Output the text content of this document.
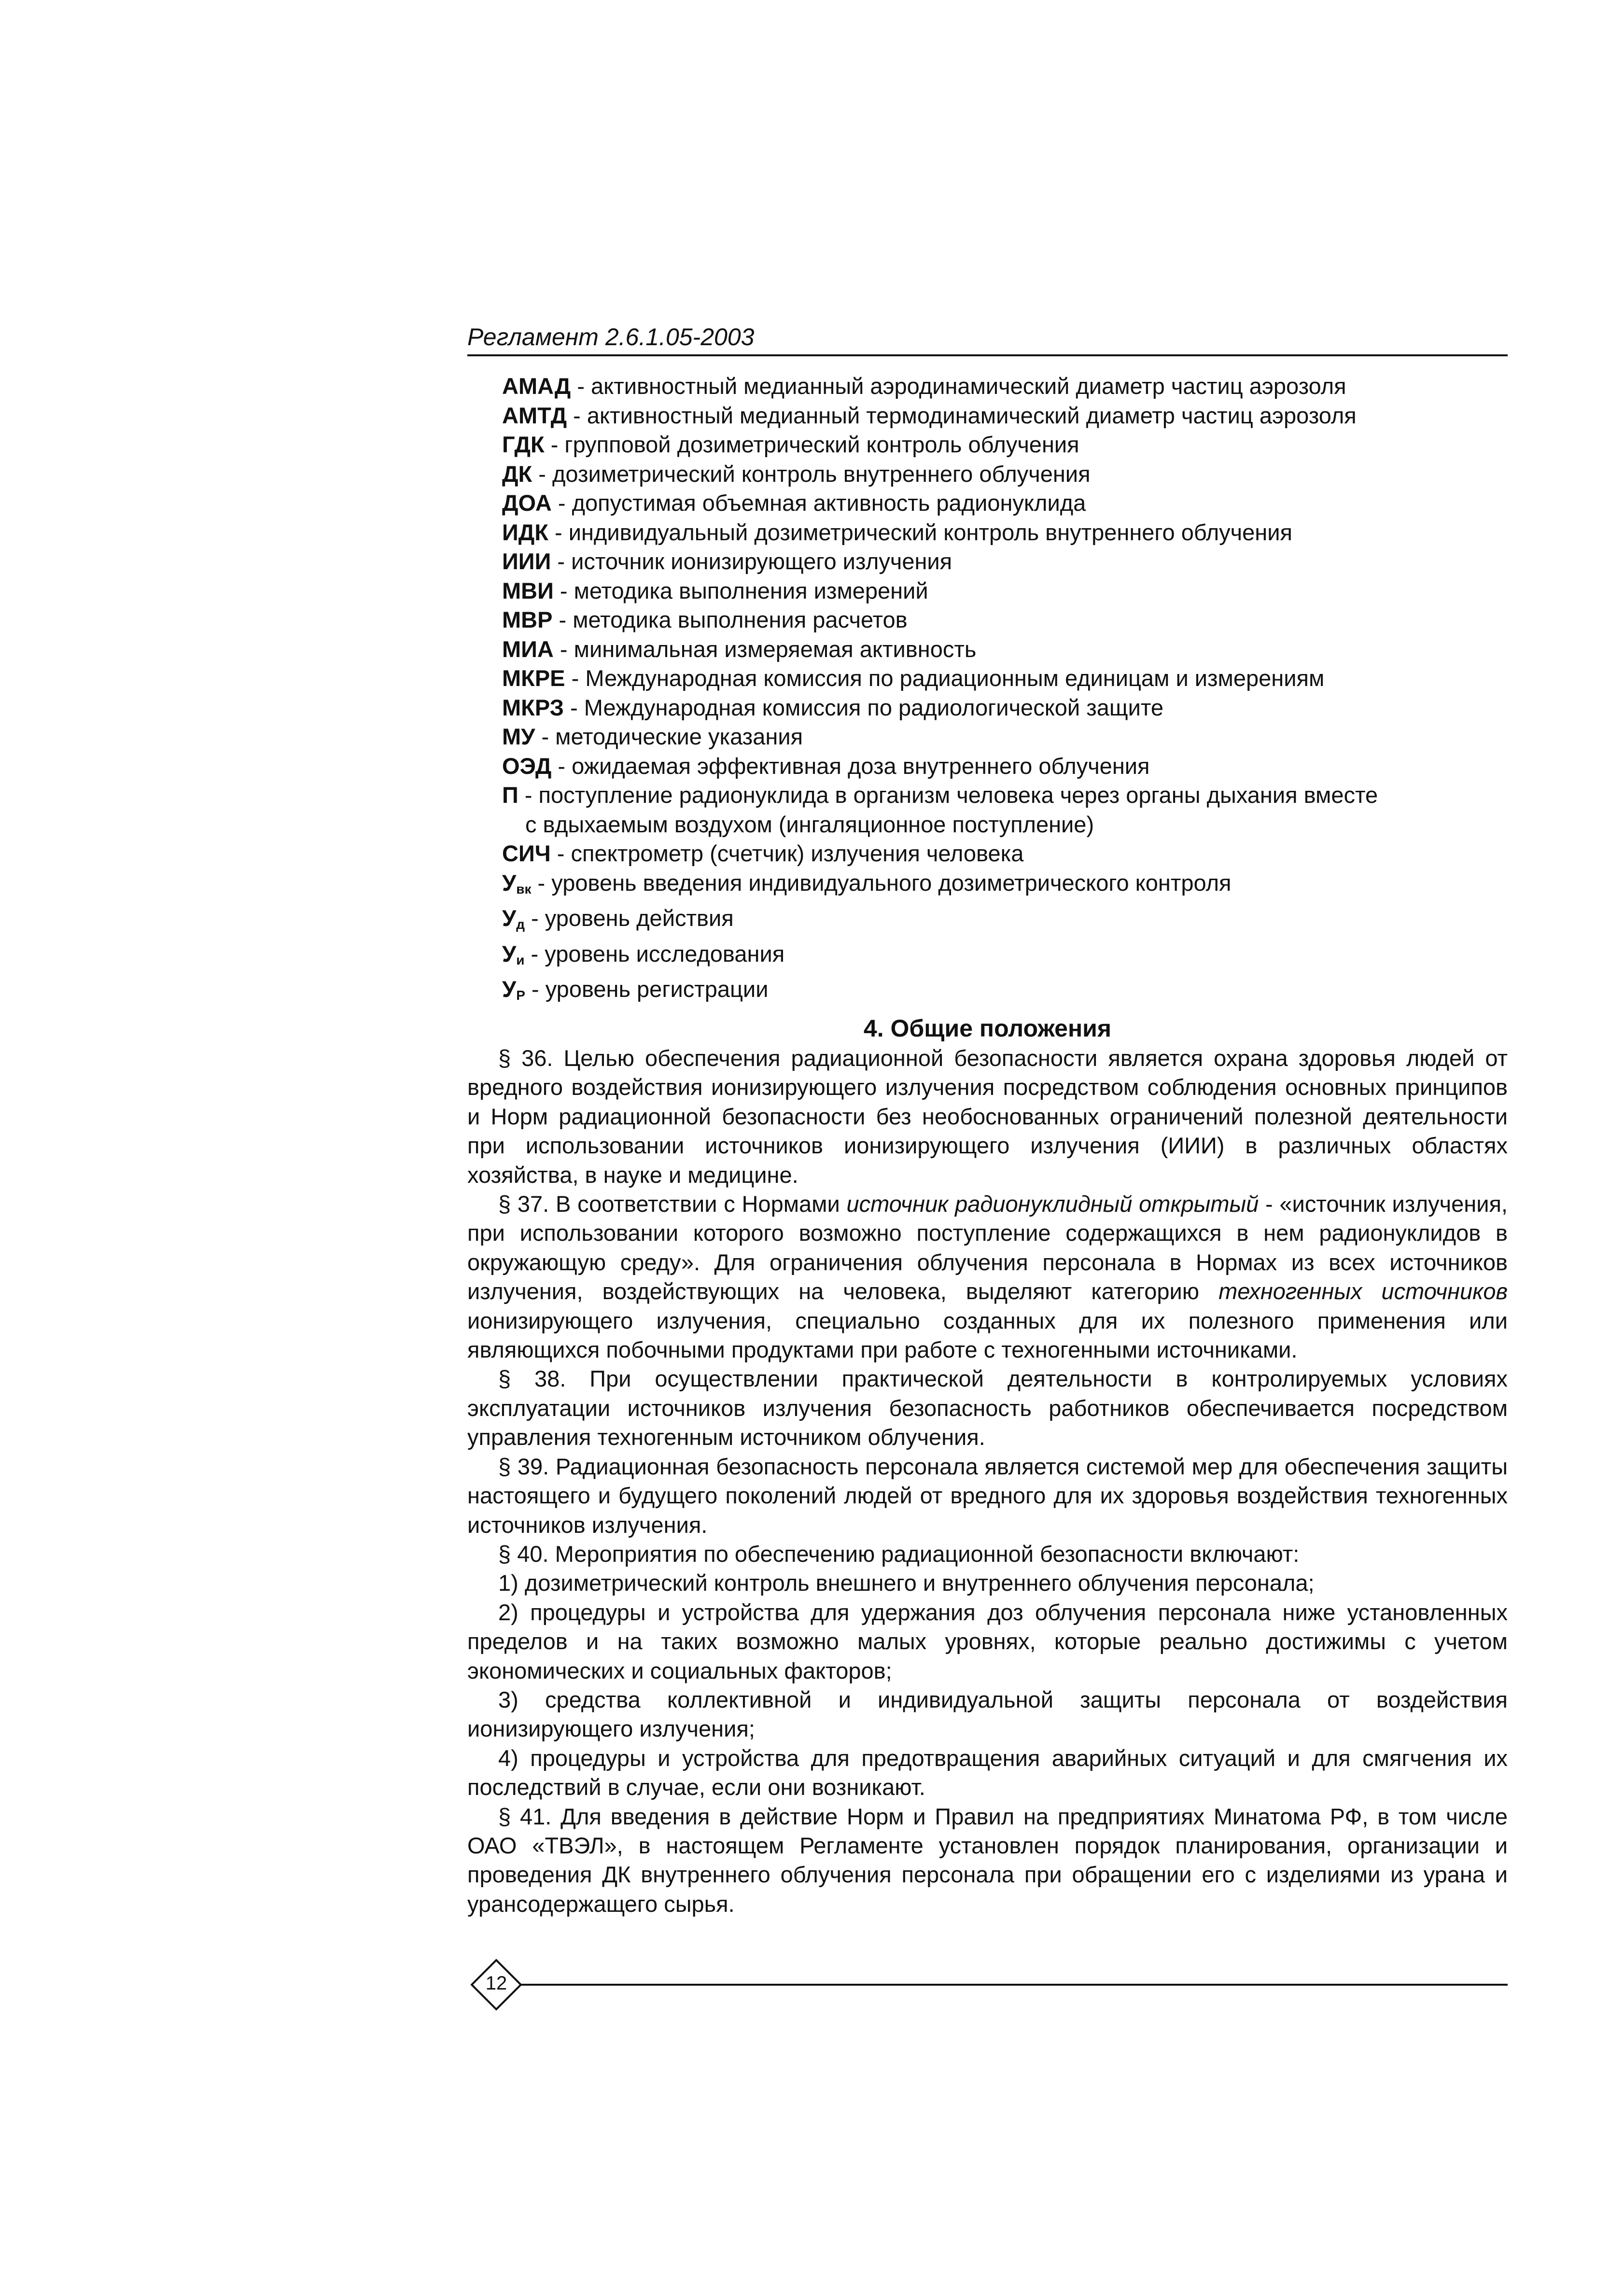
Регламент 2.6.1.05-2003
АМАД - активностный медианный аэродинамический диаметр частиц аэрозоля
АМТД - активностный медианный термодинамический диаметр частиц аэрозоля
ГДК - групповой дозиметрический контроль облучения
ДК - дозиметрический контроль внутреннего облучения
ДОА - допустимая объемная активность радионуклида
ИДК - индивидуальный дозиметрический контроль внутреннего облучения
ИИИ - источник ионизирующего излучения
МВИ - методика выполнения измерений
МВР - методика выполнения расчетов
МИА - минимальная измеряемая активность
МКРЕ - Международная комиссия по радиационным единицам и измерениям
МКРЗ - Международная комиссия по радиологической защите
МУ - методические указания
ОЭД - ожидаемая эффективная доза внутреннего облучения
П - поступление радионуклида в организм человека через органы дыхания вместе
с вдыхаемым воздухом (ингаляционное поступление)
СИЧ - спектрометр (счетчик) излучения человека
$У_{вк}$ - уровень введения индивидуального дозиметрического контроля
$У_д$ - уровень действия
$У_и$ - уровень исследования
$У_Р$ - уровень регистрации
4. Общие положения

§ 36. Целью обеспечения радиационной безопасности является охрана здоровья людей от вредного воздействия ионизирующего излучения посредством соблюдения основных принципов и Норм радиационной безопасности без необоснованных ограничений полезной деятельности при использовании источников ионизирующего излучения (ИИИ) в различных областях хозяйства, в науке и медицине.

§ 37. В соответствии с Нормами источник радионуклидный открытый - «источник излучения, при использовании которого возможно поступление содержащихся в нем радионуклидов в окружающую среду». Для ограничения облучения персонала в Нормах из всех источников излучения, воздействующих на человека, выделяют категорию техногенных источников ионизирующего излучения, специально созданных для их полезного применения или являющихся побочными продуктами при работе с техногенными источниками.

§ 38. При осуществлении практической деятельности в контролируемых условиях эксплуатации источников излучения безопасность работников обеспечивается посредством управления техногенным источником облучения.

§ 39. Радиационная безопасность персонала является системой мер для обеспечения защиты настоящего и будущего поколений людей от вредного для их здоровья воздействия техногенных источников излучения.

§ 40. Мероприятия по обеспечению радиационной безопасности включают:

1) дозиметрический контроль внешнего и внутреннего облучения персонала;

2) процедуры и устройства для удержания доз облучения персонала ниже установленных пределов и на таких возможно малых уровнях, которые реально достижимы с учетом экономических и социальных факторов;

3) средства коллективной и индивидуальной защиты персонала от воздействия ионизирующего излучения;

4) процедуры и устройства для предотвращения аварийных ситуаций и для смягчения их последствий в случае, если они возникают.

§ 41. Для введения в действие Норм и Правил на предприятиях Минатома РФ, в том числе ОАО «ТВЭЛ», в настоящем Регламенте установлен порядок планирования, организации и проведения ДК внутреннего облучения персонала при обращении его с изделиями из урана и урансодержащего сырья.

12
